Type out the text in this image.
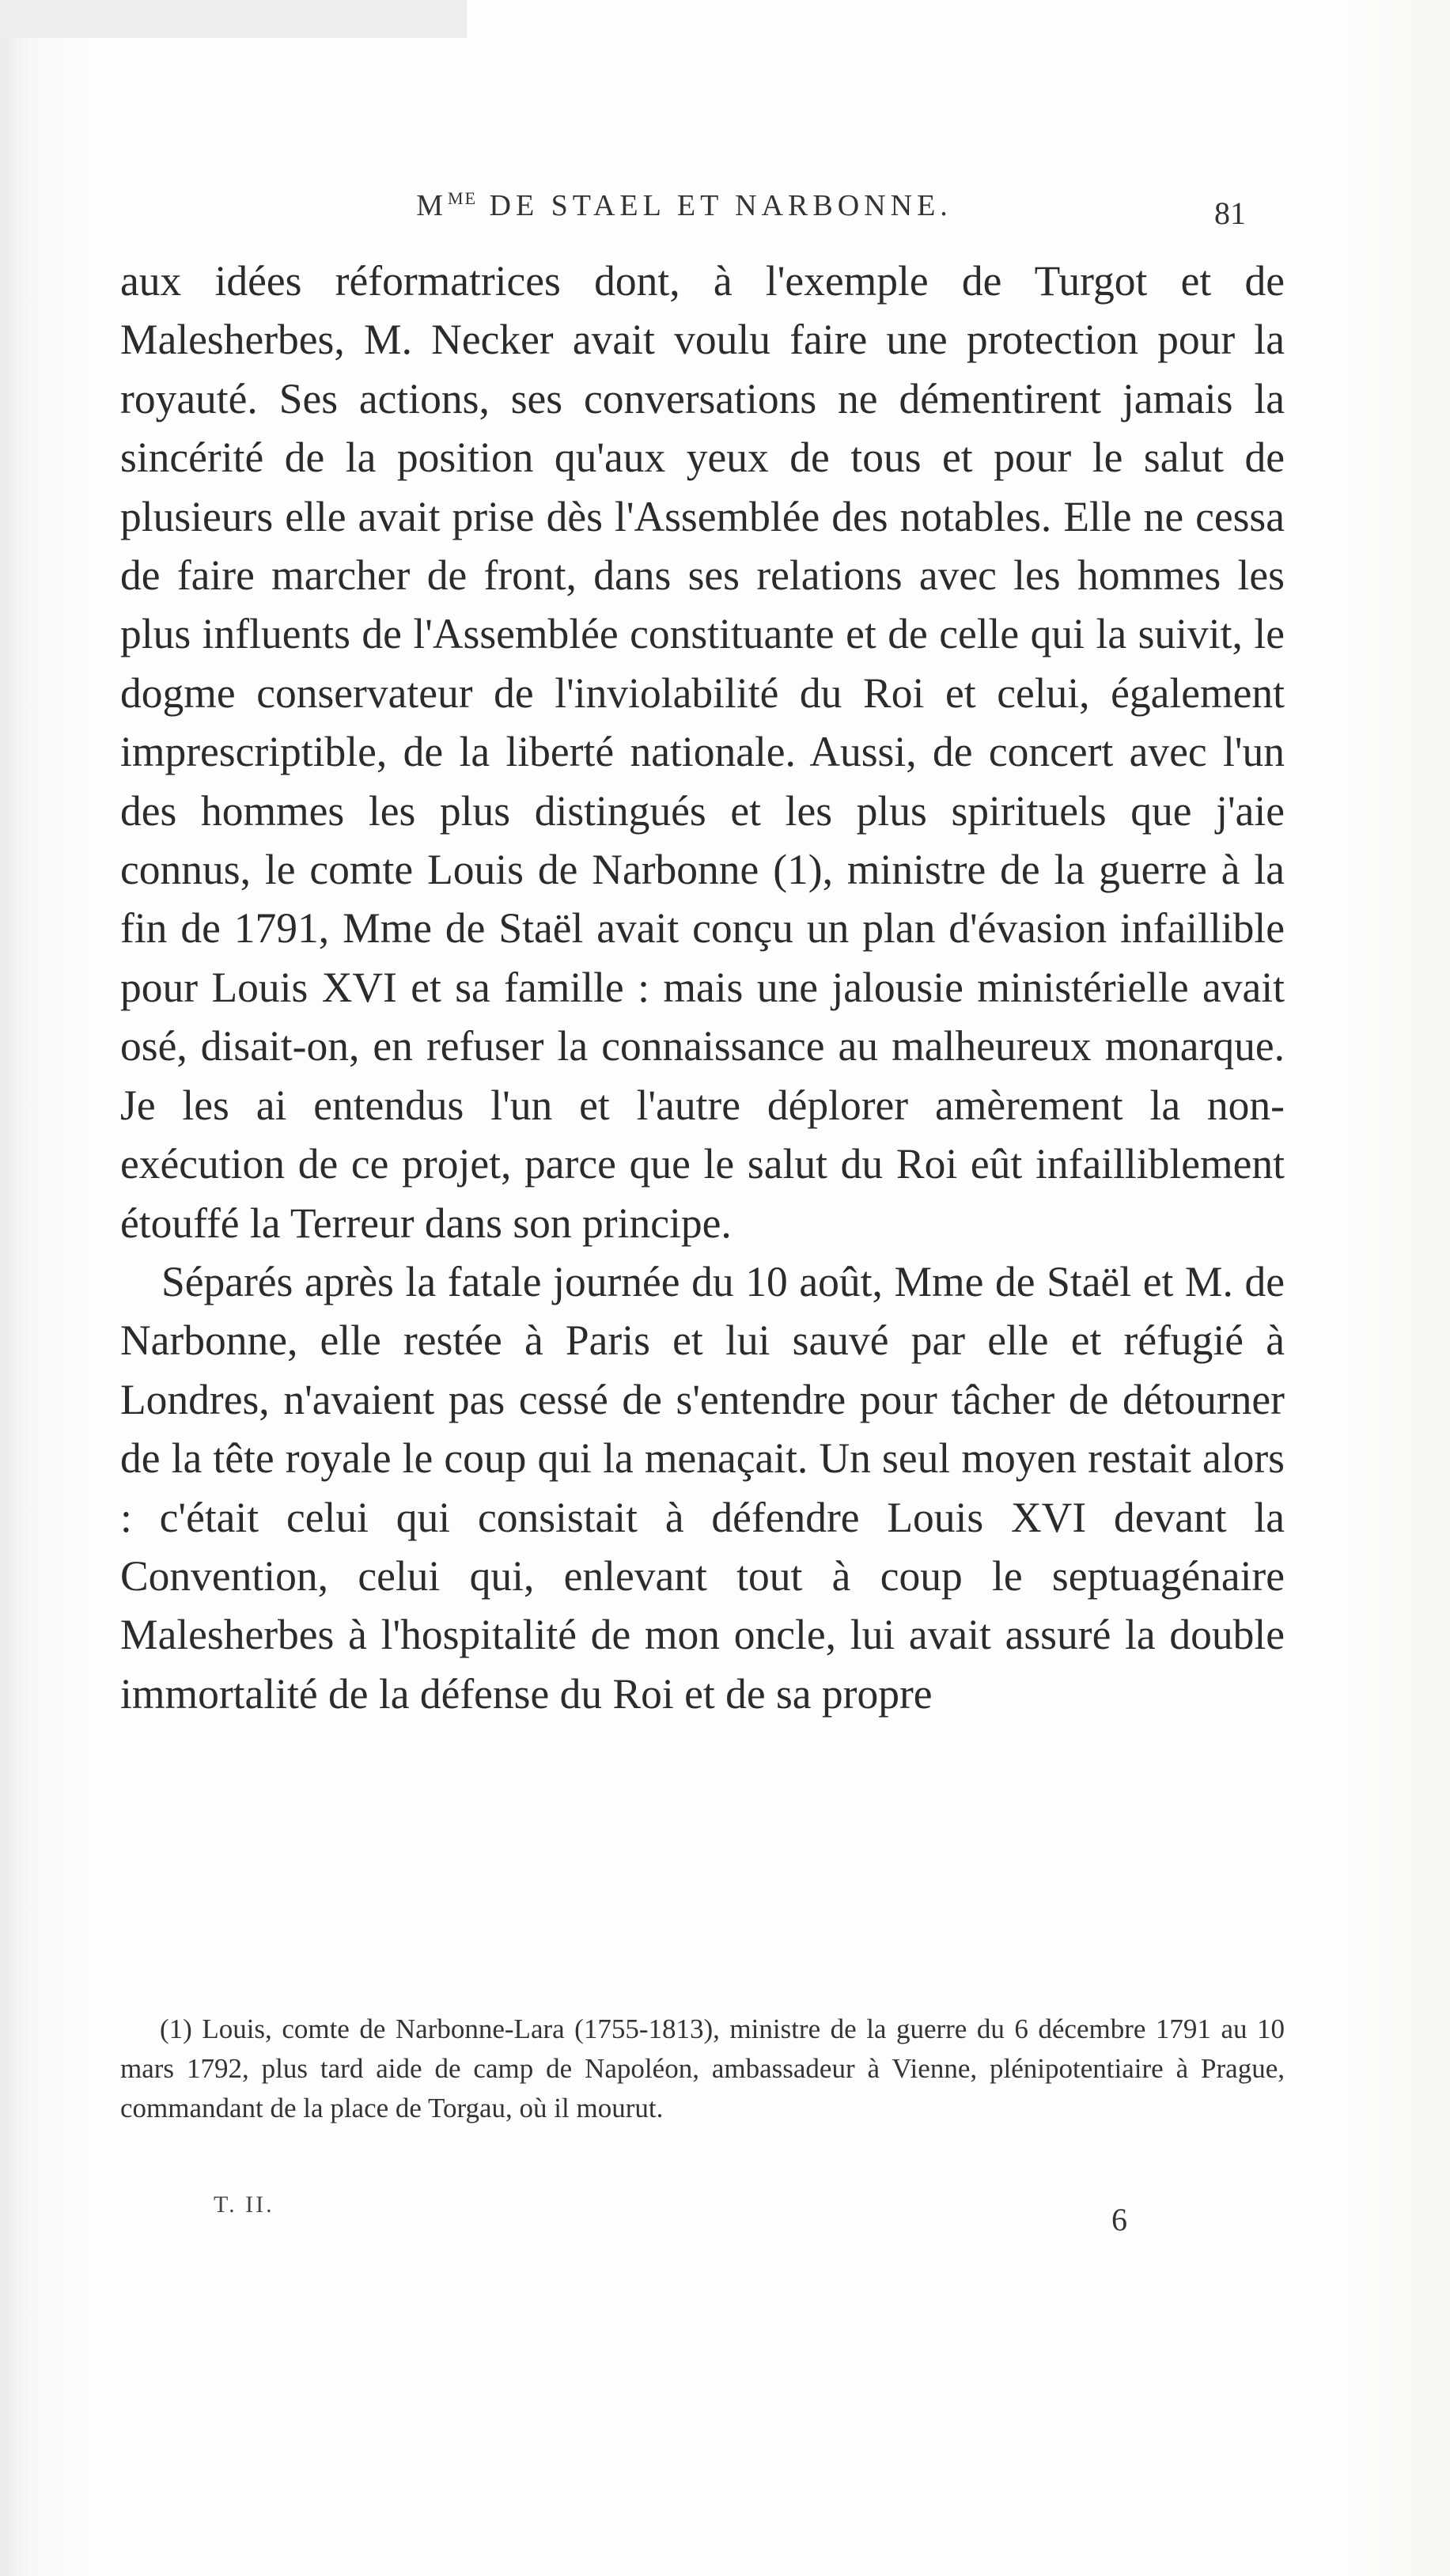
$M^{ME}$ DE STAEL ET NARBONNE.	81

aux idées réformatrices dont, à l'exemple de Turgot et de Malesherbes, M. Necker avait voulu faire une protection pour la royauté. Ses actions, ses conversations ne démentirent jamais la sincérité de la position qu'aux yeux de tous et pour le salut de plusieurs elle avait prise dès l'Assemblée des notables. Elle ne cessa de faire marcher de front, dans ses relations avec les hommes les plus influents de l'Assemblée constituante et de celle qui la suivit, le dogme conservateur de l'inviolabilité du Roi et celui, également imprescriptible, de la liberté nationale. Aussi, de concert avec l'un des hommes les plus distingués et les plus spirituels que j'aie connus, le comte Louis de Narbonne (1), ministre de la guerre à la fin de 1791, Mme de Staël avait conçu un plan d'évasion infaillible pour Louis XVI et sa famille : mais une jalousie ministérielle avait osé, disait-on, en refuser la connaissance au malheureux monarque. Je les ai entendus l'un et l'autre déplorer amèrement la non-exécution de ce projet, parce que le salut du Roi eût infailliblement étouffé la Terreur dans son principe.

Séparés après la fatale journée du 10 août, Mme de Staël et M. de Narbonne, elle restée à Paris et lui sauvé par elle et réfugié à Londres, n'avaient pas cessé de s'entendre pour tâcher de détourner de la tête royale le coup qui la menaçait. Un seul moyen restait alors : c'était celui qui consistait à défendre Louis XVI devant la Convention, celui qui, enlevant tout à coup le septuagénaire Malesherbes à l'hospitalité de mon oncle, lui avait assuré la double immortalité de la défense du Roi et de sa propre

(1) Louis, comte de Narbonne-Lara (1755-1813), ministre de la guerre du 6 décembre 1791 au 10 mars 1792, plus tard aide de camp de Napoléon, ambassadeur à Vienne, plénipotentiaire à Prague, commandant de la place de Torgau, où il mourut.
T. II.	6
